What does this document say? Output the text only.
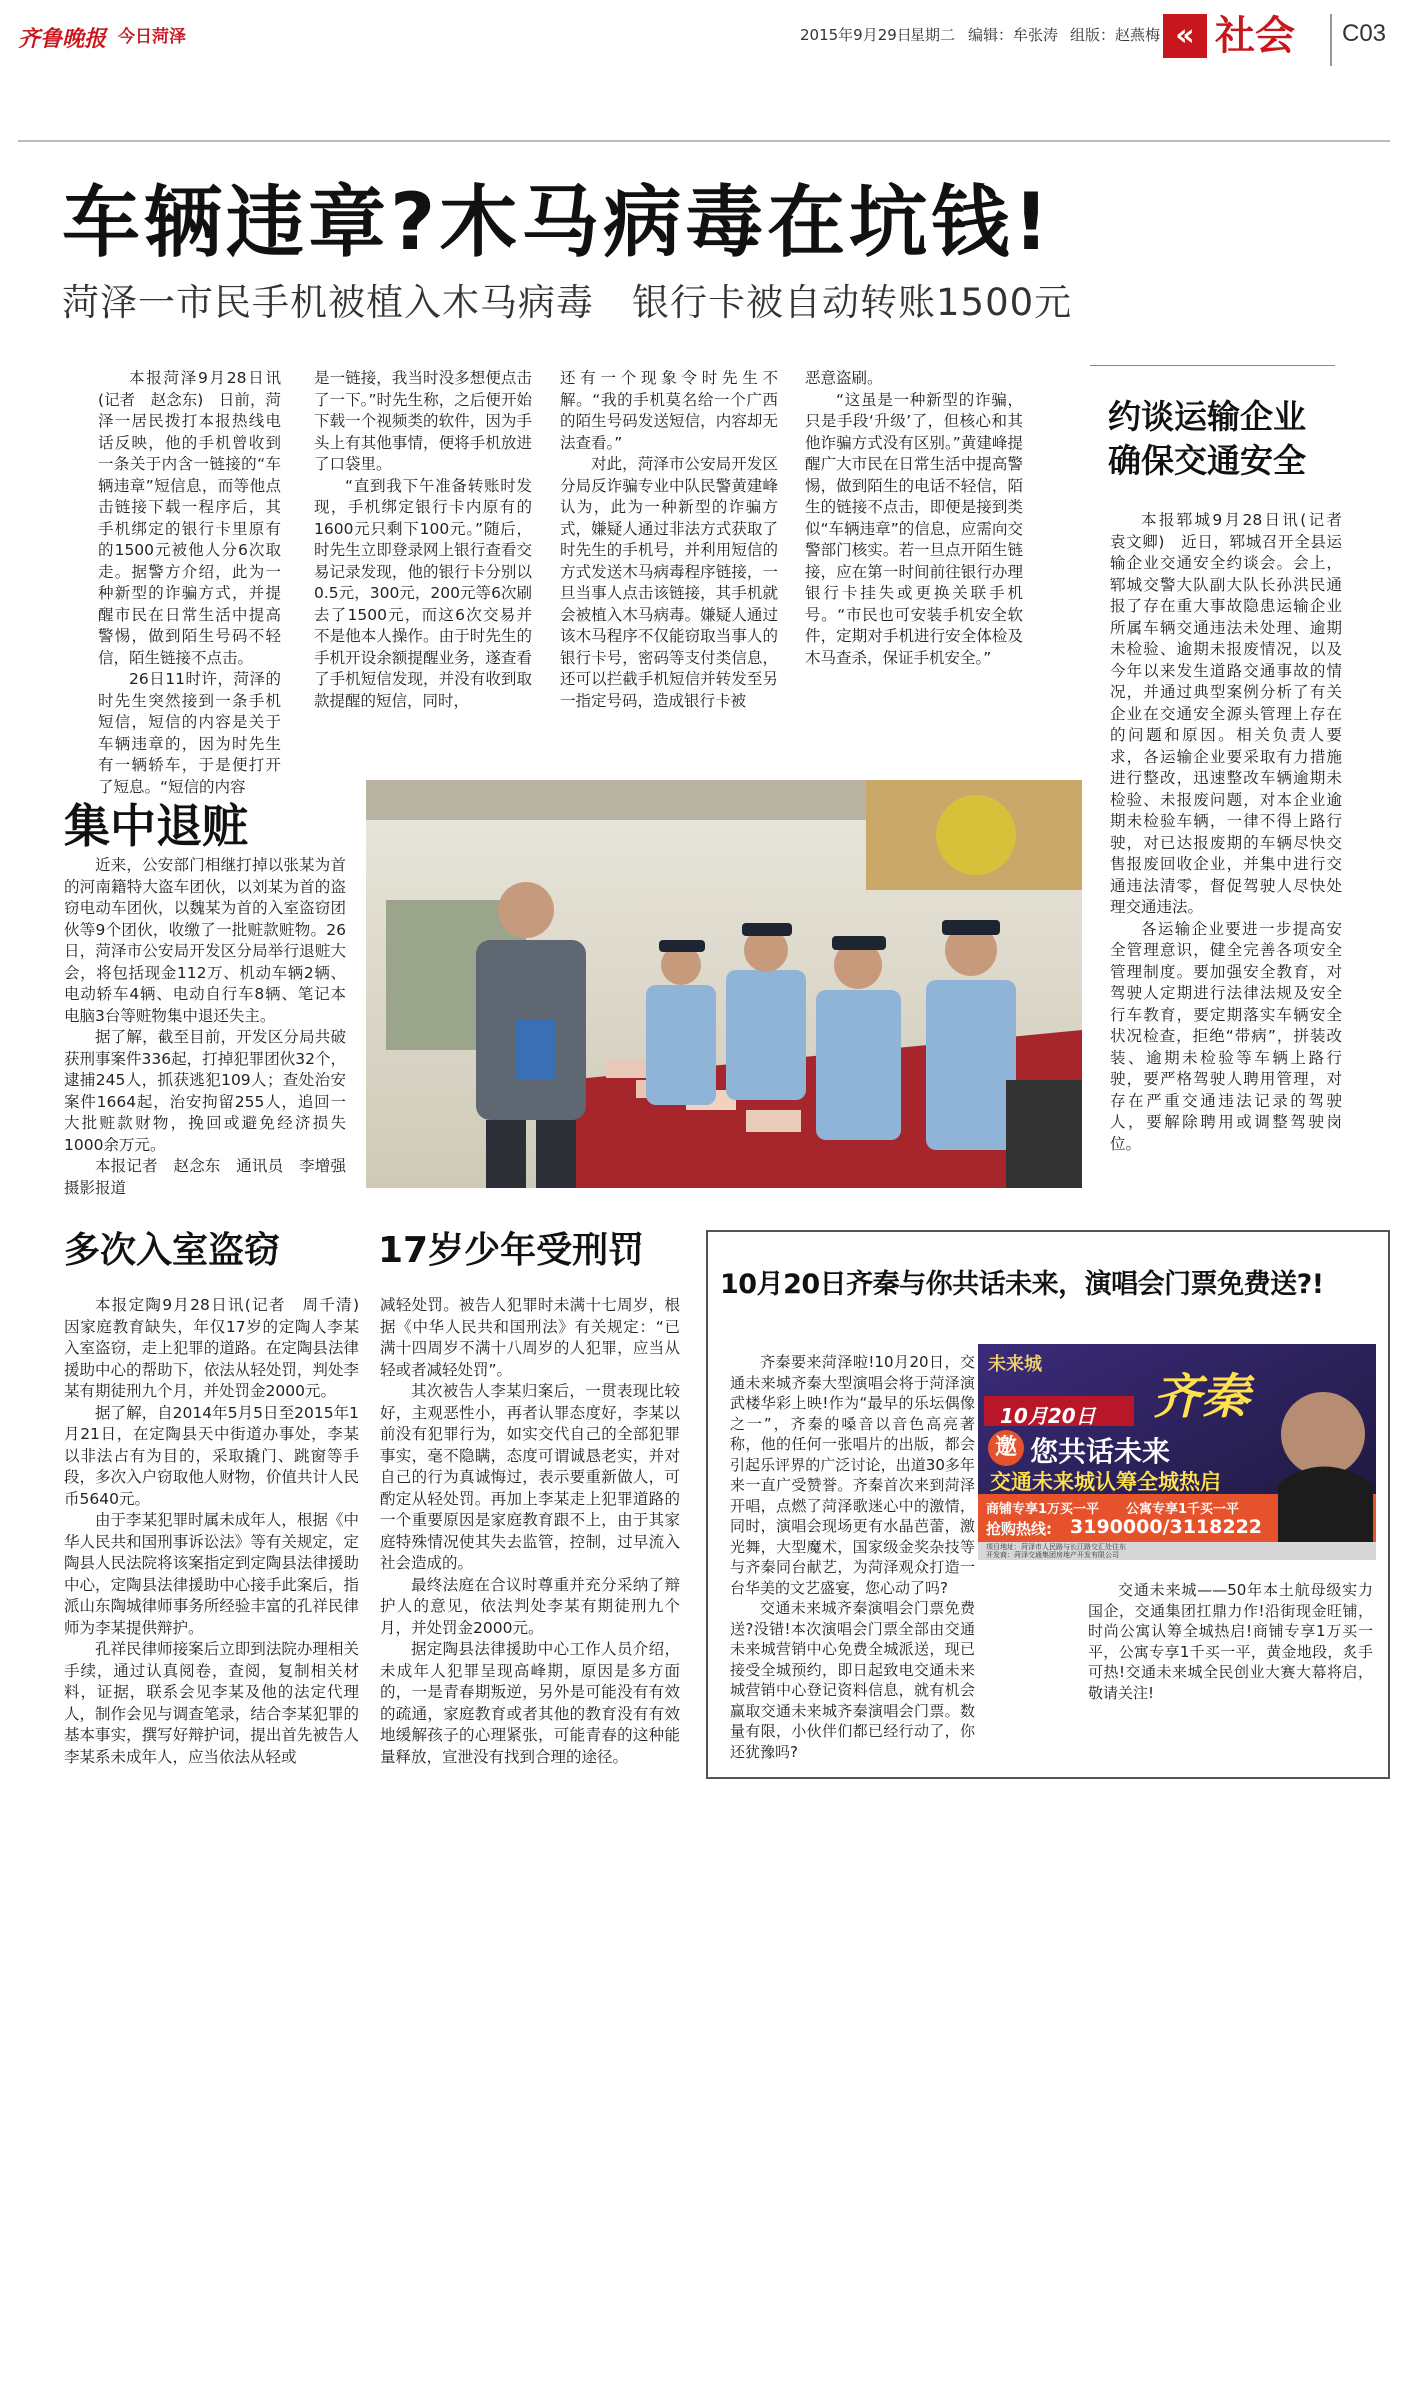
齐鲁晚报 今日菏泽	2015年9月29日
星期二 编辑：牟张涛 组版：赵燕梅 « 社会 C03
车辆违章?木马病毒在坑钱!
菏泽一市民手机被植入木马病毒　银行卡被自动转账1500元

本报菏泽9月28日讯(记者　赵念东)　日前，菏泽一居民拨打本报热线电话反映，他的手机曾收到一条关于内含一链接的“车辆违章”短信息，而等他点击链接下载一程序后，其手机绑定的银行卡里原有的1500元被他人分6次取走。据警方介绍，此为一种新型的诈骗方式，并提醒市民在日常生活中提高警惕，做到陌生号码不轻信，陌生链接不点击。

26日11时许，菏泽的时先生突然接到一条手机短信，短信的内容是关于车辆违章的，因为时先生有一辆轿车，于是便打开了短息。“短信的内容

是一链接，我当时没多想便点击了一下。”时先生称，之后便开始下载一个视频类的软件，因为手头上有其他事情，便将手机放进了口袋里。

“直到我下午准备转账时发现，手机绑定银行卡内原有的1600元只剩下100元。”随后，时先生立即登录网上银行查看交易记录发现，他的银行卡分别以0.5元，300元，200元等6次刷去了1500元，而这6次交易并不是他本人操作。由于时先生的手机开设余额提醒业务，遂查看了手机短信发现，并没有收到取款提醒的短信，同时，

还有一个现象令时先生不解。“我的手机莫名给一个广西的陌生号码发送短信，内容却无法查看。”

对此，菏泽市公安局开发区分局反诈骗专业中队民警黄建峰认为，此为一种新型的诈骗方式，嫌疑人通过非法方式获取了时先生的手机号，并利用短信的方式发送木马病毒程序链接，一旦当事人点击该链接，其手机就会被植入木马病毒。嫌疑人通过该木马程序不仅能窃取当事人的银行卡号，密码等支付类信息，还可以拦截手机短信并转发至另一指定号码，造成银行卡被

恶意盗刷。

“这虽是一种新型的诈骗，只是手段‘升级’了，但核心和其他诈骗方式没有区别。”黄建峰提醒广大市民在日常生活中提高警惕，做到陌生的电话不轻信，陌生的链接不点击，即便是接到类似“车辆违章”的信息，应需向交警部门核实。若一旦点开陌生链接，应在第一时间前往银行办理银行卡挂失或更换关联手机号。“市民也可安装手机安全软件，定期对手机进行安全体检及木马查杀，保证手机安全。”

约谈运输企业
确保交通安全

本报郓城9月28日讯(记者　袁文卿)　近日，郓城召开全县运输企业交通安全约谈会。会上，郓城交警大队副大队长孙洪民通报了存在重大事故隐患运输企业所属车辆交通违法未处理、逾期未检验、逾期未报废情况，以及今年以来发生道路交通事故的情况，并通过典型案例分析了有关企业在交通安全源头管理上存在的问题和原因。相关负责人要求，各运输企业要采取有力措施进行整改，迅速整改车辆逾期未检验、未报废问题，对本企业逾期未检验车辆，一律不得上路行驶，对已达报废期的车辆尽快交售报废回收企业，并集中进行交通违法清零，督促驾驶人尽快处理交通违法。

各运输企业要进一步提高安全管理意识，健全完善各项安全管理制度。要加强安全教育，对驾驶人定期进行法律法规及安全行车教育，要定期落实车辆安全状况检查，拒绝“带病”，拼装改装、逾期未检验等车辆上路行驶，要严格驾驶人聘用管理，对存在严重交通违法记录的驾驶人，要解除聘用或调整驾驶岗位。

集中退赃

近来，公安部门相继打掉以张某为首的河南籍特大盗车团伙，以刘某为首的盗窃电动车团伙，以魏某为首的入室盗窃团伙等9个团伙，收缴了一批赃款赃物。26日，菏泽市公安局开发区分局举行退赃大会，将包括现金112万、机动车辆2辆、电动轿车4辆、电动自行车8辆、笔记本电脑3台等赃物集中退还失主。

据了解，截至目前，开发区分局共破获刑事案件336起，打掉犯罪团伙32个，逮捕245人，抓获逃犯109人；查处治安案件1664起，治安拘留255人，追回一大批赃款财物，挽回或避免经济损失1000余万元。

本报记者　赵念东　通讯员　李增强　摄影报道

多次入室盗窃	17岁少年受刑罚

本报定陶9月28日讯(记者　周千清)　因家庭教育缺失，年仅17岁的定陶人李某入室盗窃，走上犯罪的道路。在定陶县法律援助中心的帮助下，依法从轻处罚，判处李某有期徒刑九个月，并处罚金2000元。

据了解，自2014年5月5日至2015年1月21日，在定陶县天中街道办事处，李某以非法占有为目的，采取撬门、跳窗等手段，多次入户窃取他人财物，价值共计人民币5640元。

由于李某犯罪时属未成年人，根据《中华人民共和国刑事诉讼法》等有关规定，定陶县人民法院将该案指定到定陶县法律援助中心，定陶县法律援助中心接手此案后，指派山东陶城律师事务所经验丰富的孔祥民律师为李某提供辩护。

孔祥民律师接案后立即到法院办理相关手续，通过认真阅卷，查阅，复制相关材料，证据，联系会见李某及他的法定代理人，制作会见与调查笔录，结合李某犯罪的基本事实，撰写好辩护词，提出首先被告人李某系未成年人，应当依法从轻或

减轻处罚。被告人犯罪时未满十七周岁，根据《中华人民共和国刑法》有关规定：“已满十四周岁不满十八周岁的人犯罪，应当从轻或者减轻处罚”。

其次被告人李某归案后，一贯表现比较好，主观恶性小，再者认罪态度好，李某以前没有犯罪行为，如实交代自己的全部犯罪事实，毫不隐瞒，态度可谓诚恳老实，并对自己的行为真诚悔过，表示要重新做人，可酌定从轻处罚。再加上李某走上犯罪道路的一个重要原因是家庭教育跟不上，由于其家庭特殊情况使其失去监管，控制，过早流入社会造成的。

最终法庭在合议时尊重并充分采纳了辩护人的意见，依法判处李某有期徒刑九个月，并处罚金2000元。

据定陶县法律援助中心工作人员介绍，未成年人犯罪呈现高峰期，原因是多方面的，一是青春期叛逆，另外是可能没有有效的疏通，家庭教育或者其他的教育没有有效地缓解孩子的心理紧张，可能青春的这种能量释放，宣泄没有找到合理的途径。

10月20日齐秦与你共话未来，演唱会门票免费送?!

齐秦要来菏泽啦!10月20日，交通未来城齐秦大型演唱会将于菏泽演武楼华彩上映!作为“最早的乐坛偶像之一”，齐秦的嗓音以音色高亮著称，他的任何一张唱片的出版，都会引起乐评界的广泛讨论，出道30多年来一直广受赞誉。齐秦首次来到菏泽开唱，点燃了菏泽歌迷心中的激情，同时，演唱会现场更有水晶芭蕾，激光舞，大型魔术，国家级金奖杂技等与齐秦同台献艺，为菏泽观众打造一台华美的文艺盛宴，您心动了吗?

交通未来城齐秦演唱会门票免费送?没错!本次演唱会门票全部由交通未来城营销中心免费全城派送，现已接受全城预约，即日起致电交通未来城营销中心登记资料信息，就有机会赢取交通未来城齐秦演唱会门票。数量有限，小伙伴们都已经行动了，你还犹豫吗?

未来城
齐秦
10月20日
邀 您共话未来
交通未来城认筹全城热启
商铺专享1万买一平 公寓专享1千买一平
抢购热线: 3190000/3118222
项目地址：菏泽市人民路与长江路交汇处往东
开发商：菏泽交通集团房地产开发有限公司

交通未来城——50年本土航母级实力国企，交通集团扛鼎力作!沿街现金旺铺，时尚公寓认筹全城热启!商铺专享1万买一平，公寓专享1千买一平，黄金地段，炙手可热!交通未来城全民创业大赛大幕将启，敬请关注!
